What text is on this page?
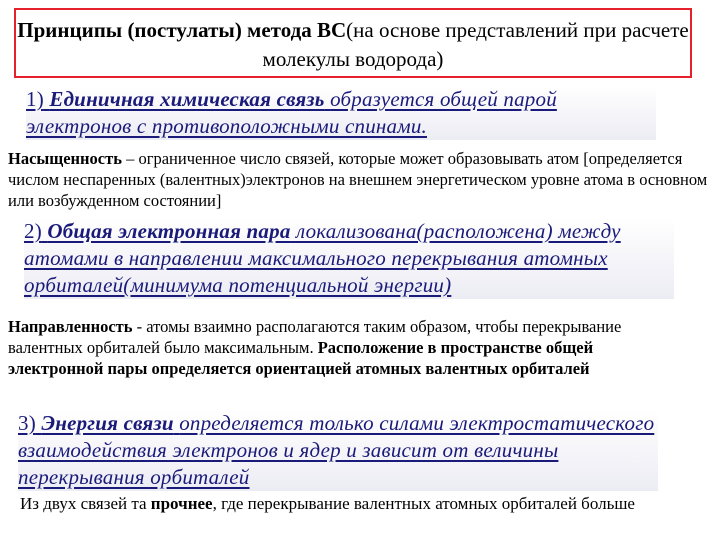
Принципы (постулаты) метода ВС(на основе представлений при расчете молекулы водорода)

1) Единичная химическая связь образуется общей парой электронов с противоположными спинами.

Насыщенность – ограниченное число связей, которые может образовывать атом [определяется числом неспаренных (валентных)электронов на внешнем энергетическом уровне атома в основном или возбужденном состоянии]

2) Общая электронная пара локализована(расположена) между атомами в направлении максимального перекрывания атомных орбиталей(минимума потенциальной энергии)

Направленность - атомы взаимно располагаются таким образом, чтобы перекрывание валентных орбиталей было максимальным. Расположение в пространстве общей электронной пары определяется ориентацией атомных валентных орбиталей

3) Энергия связи определяется только силами электростатического взаимодействия электронов и ядер и зависит от величины перекрывания орбиталей

Из двух связей та прочнее, где перекрывание валентных атомных орбиталей больше
